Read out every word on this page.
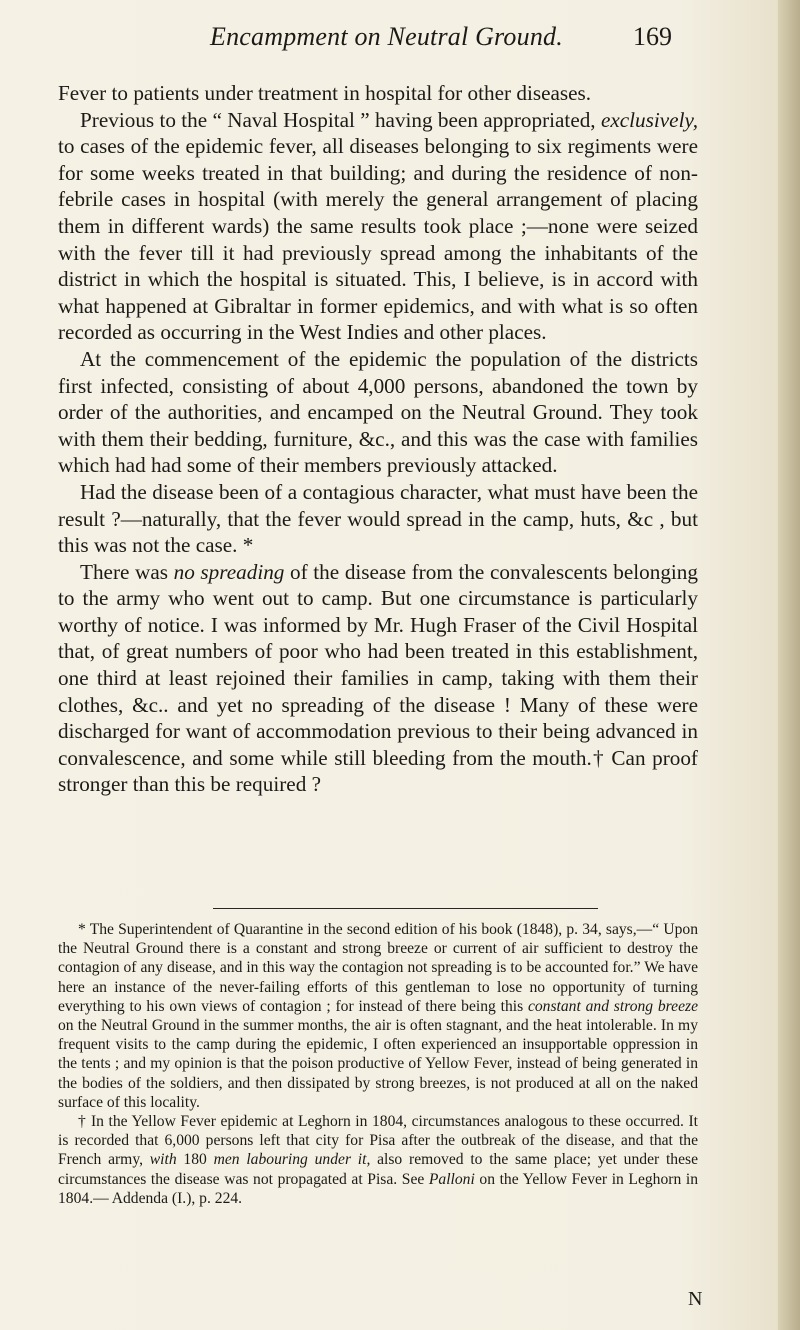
Encampment on Neutral Ground.	169

Fever to patients under treatment in hospital for other diseases.

Previous to the “ Naval Hospital ” having been appropriated, exclusively, to cases of the epidemic fever, all diseases belonging to six regiments were for some weeks treated in that building; and during the residence of non-febrile cases in hospital (with merely the general arrangement of placing them in different wards) the same results took place ;—none were seized with the fever till it had previously spread among the inhabitants of the district in which the hospital is situated. This, I believe, is in accord with what happened at Gibraltar in former epidemics, and with what is so often recorded as occurring in the West Indies and other places.

At the commencement of the epidemic the population of the districts first infected, consisting of about 4,000 persons, abandoned the town by order of the authorities, and encamped on the Neutral Ground. They took with them their bedding, furniture, &c., and this was the case with families which had had some of their members previously attacked.

Had the disease been of a contagious character, what must have been the result ?—naturally, that the fever would spread in the camp, huts, &c , but this was not the case. *

There was no spreading of the disease from the convalescents belonging to the army who went out to camp. But one circumstance is particularly worthy of notice. I was informed by Mr. Hugh Fraser of the Civil Hospital that, of great numbers of poor who had been treated in this establishment, one third at least rejoined their families in camp, taking with them their clothes, &c.. and yet no spreading of the disease ! Many of these were discharged for want of accommodation previous to their being advanced in convalescence, and some while still bleeding from the mouth.† Can proof stronger than this be required ?

* The Superintendent of Quarantine in the second edition of his book (1848), p. 34, says,—“ Upon the Neutral Ground there is a constant and strong breeze or current of air sufficient to destroy the contagion of any disease, and in this way the contagion not spreading is to be accounted for.” We have here an instance of the never-failing efforts of this gentleman to lose no opportunity of turning everything to his own views of contagion ; for instead of there being this constant and strong breeze on the Neutral Ground in the summer months, the air is often stagnant, and the heat intolerable. In my frequent visits to the camp during the epidemic, I often experienced an insupportable oppression in the tents ; and my opinion is that the poison productive of Yellow Fever, instead of being generated in the bodies of the soldiers, and then dissipated by strong breezes, is not produced at all on the naked surface of this locality.

† In the Yellow Fever epidemic at Leghorn in 1804, circumstances analogous to these occurred. It is recorded that 6,000 persons left that city for Pisa after the outbreak of the disease, and that the French army, with 180 men labouring under it, also removed to the same place; yet under these circumstances the disease was not propagated at Pisa. See Palloni on the Yellow Fever in Leghorn in 1804.— Addenda (I.), p. 224.

N
